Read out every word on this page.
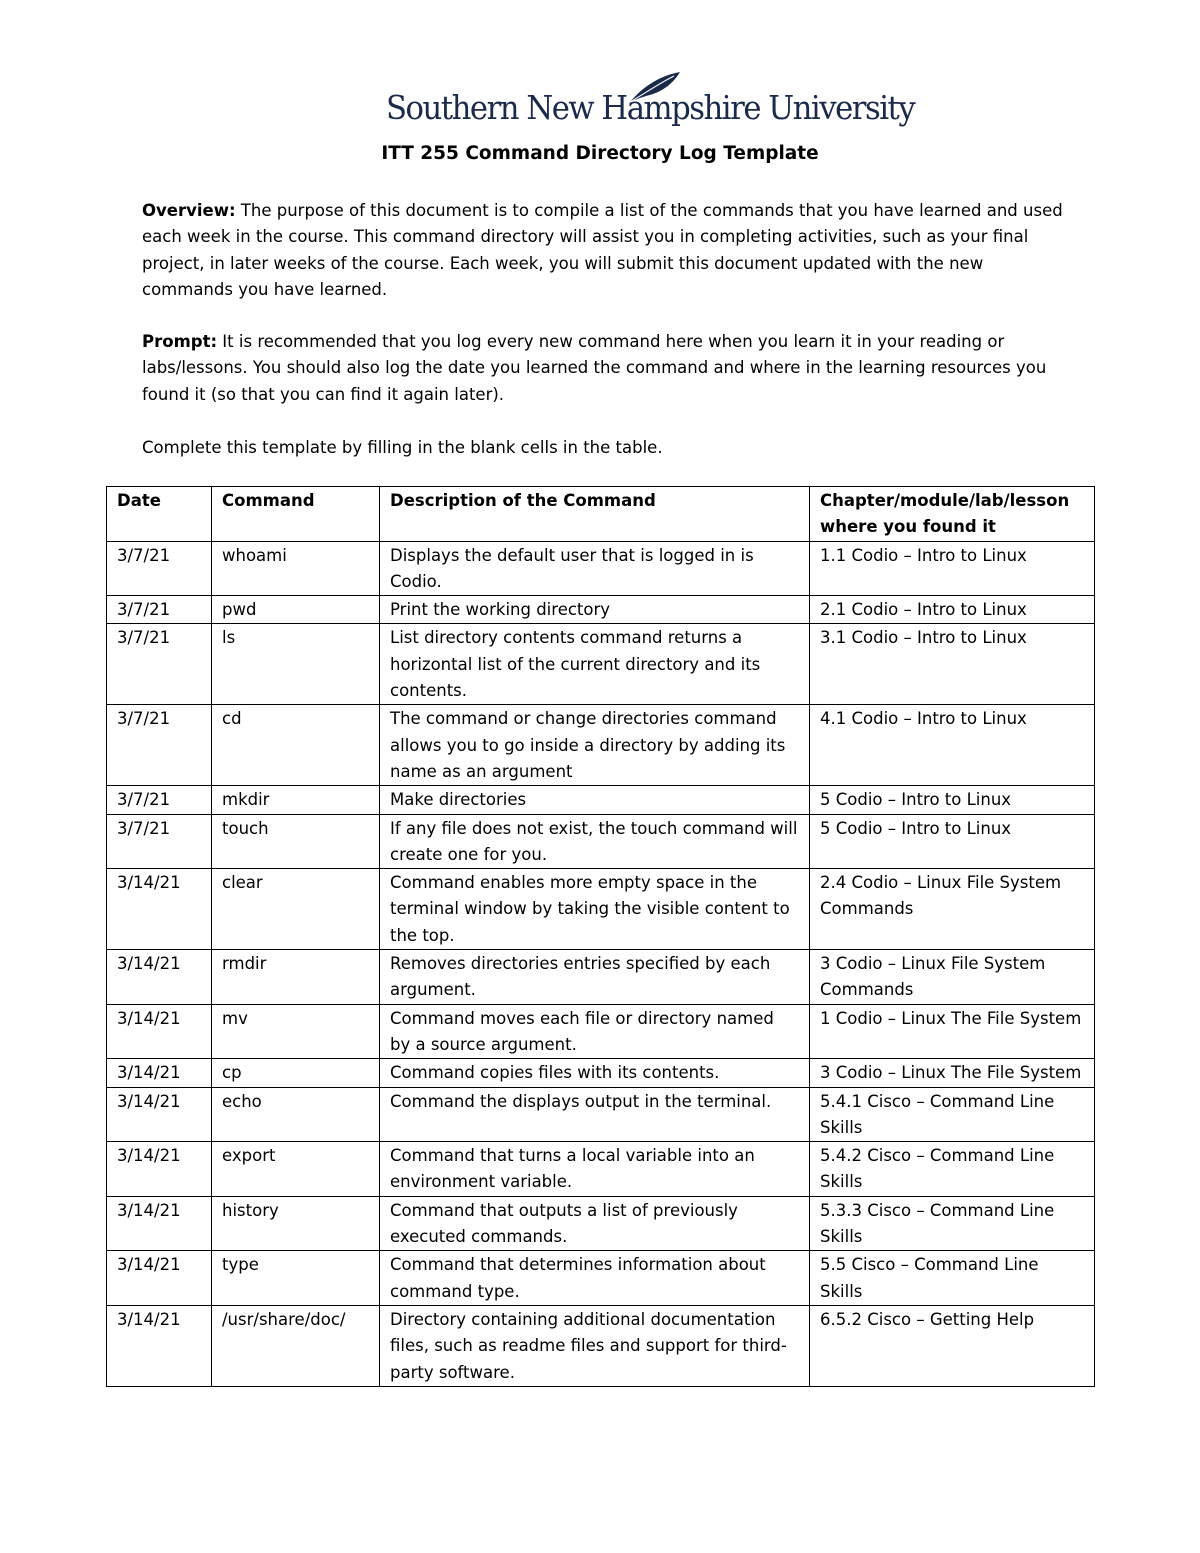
Southern New Hampshire University
ITT 255 Command Directory Log Template
Overview: The purpose of this document is to compile a list of the commands that you have learned and used each week in the course. This command directory will assist you in completing activities, such as your final project, in later weeks of the course. Each week, you will submit this document updated with the new commands you have learned.
Prompt: It is recommended that you log every new command here when you learn it in your reading or labs/lessons. You should also log the date you learned the command and where in the learning resources you found it (so that you can find it again later).
Complete this template by filling in the blank cells in the table.
Date	Command	Description of the Command	Chapter/module/lab/lesson where you found it
3/7/21	whoami	Displays the default user that is logged in is Codio.	1.1 Codio – Intro to Linux
3/7/21	pwd	Print the working directory	2.1 Codio – Intro to Linux
3/7/21	ls	List directory contents command returns a horizontal list of the current directory and its contents.	3.1 Codio – Intro to Linux
3/7/21	cd	The command or change directories command allows you to go inside a directory by adding its name as an argument	4.1 Codio – Intro to Linux
3/7/21	mkdir	Make directories	5 Codio – Intro to Linux
3/7/21	touch	If any file does not exist, the touch command will create one for you.	5 Codio – Intro to Linux
3/14/21	clear	Command enables more empty space in the terminal window by taking the visible content to the top.	2.4 Codio – Linux File System Commands
3/14/21	rmdir	Removes directories entries specified by each argument.	3 Codio – Linux File System Commands
3/14/21	mv	Command moves each file or directory named by a source argument.	1 Codio – Linux The File System
3/14/21	cp	Command copies files with its contents.	3 Codio – Linux The File System
3/14/21	echo	Command the displays output in the terminal.	5.4.1 Cisco – Command Line Skills
3/14/21	export	Command that turns a local variable into an environment variable.	5.4.2 Cisco – Command Line Skills
3/14/21	history	Command that outputs a list of previously executed commands.	5.3.3 Cisco – Command Line Skills
3/14/21	type	Command that determines information about command type.	5.5 Cisco – Command Line Skills
3/14/21	/usr/share/doc/	Directory containing additional documentation files, such as readme files and support for third-party software.	6.5.2 Cisco – Getting Help
